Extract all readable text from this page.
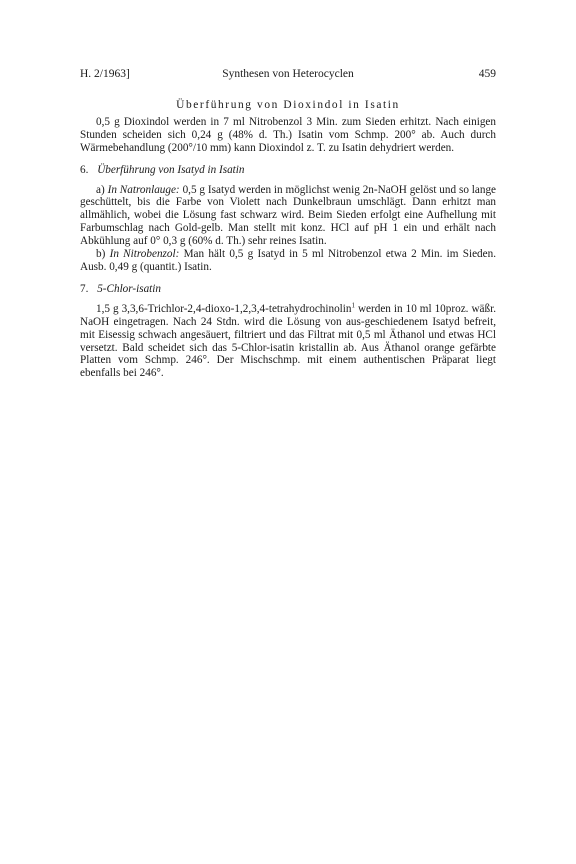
H. 2/1963]	Synthesen von Heterocyclen	459
Überführung von Dioxindol in Isatin

0,5 g Dioxindol werden in 7 ml Nitrobenzol 3 Min. zum Sieden erhitzt. Nach einigen Stunden scheiden sich 0,24 g (48% d. Th.) Isatin vom Schmp. 200° ab. Auch durch Wärmebehandlung (200°/10 mm) kann Dioxindol z. T. zu Isatin dehydriert werden.

6. Überführung von Isatyd in Isatin

a) In Natronlauge: 0,5 g Isatyd werden in möglichst wenig 2n-NaOH gelöst und so lange geschüttelt, bis die Farbe von Violett nach Dunkelbraun umschlägt. Dann erhitzt man allmählich, wobei die Lösung fast schwarz wird. Beim Sieden erfolgt eine Aufhellung mit Farbumschlag nach Gold-gelb. Man stellt mit konz. HCl auf pH 1 ein und erhält nach Abkühlung auf 0° 0,3 g (60% d. Th.) sehr reines Isatin.

b) In Nitrobenzol: Man hält 0,5 g Isatyd in 5 ml Nitrobenzol etwa 2 Min. im Sieden. Ausb. 0,49 g (quantit.) Isatin.

7. 5-Chlor-isatin

1,5 g 3,3,6-Trichlor-2,4-dioxo-1,2,3,4-tetrahydrochinolin$^1$ werden in 10 ml 10proz. wäßr. NaOH eingetragen. Nach 24 Stdn. wird die Lösung von aus-geschiedenem Isatyd befreit, mit Eisessig schwach angesäuert, filtriert und das Filtrat mit 0,5 ml Äthanol und etwas HCl versetzt. Bald scheidet sich das 5-Chlor-isatin kristallin ab. Aus Äthanol orange gefärbte Platten vom Schmp. 246°. Der Mischschmp. mit einem authentischen Präparat liegt ebenfalls bei 246°.
